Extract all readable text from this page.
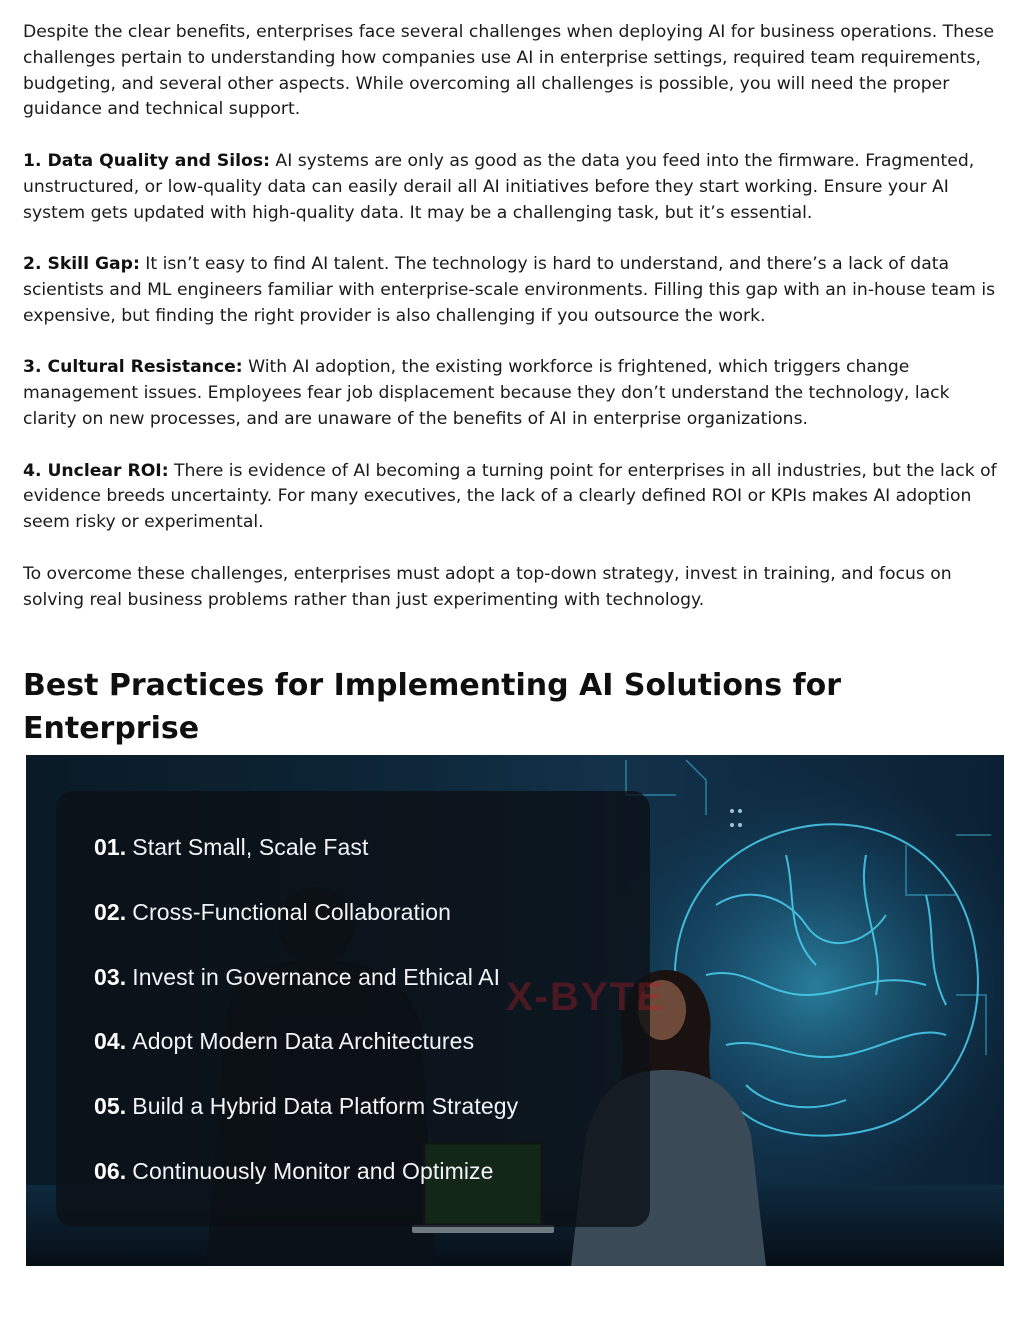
Despite the clear benefits, enterprises face several challenges when deploying AI for business operations. These challenges pertain to understanding how companies use AI in enterprise settings, required team requirements, budgeting, and several other aspects. While overcoming all challenges is possible, you will need the proper guidance and technical support.

1. Data Quality and Silos: AI systems are only as good as the data you feed into the firmware. Fragmented, unstructured, or low-quality data can easily derail all AI initiatives before they start working. Ensure your AI system gets updated with high-quality data. It may be a challenging task, but it’s essential.

2. Skill Gap: It isn’t easy to find AI talent. The technology is hard to understand, and there’s a lack of data scientists and ML engineers familiar with enterprise-scale environments. Filling this gap with an in-house team is expensive, but finding the right provider is also challenging if you outsource the work.

3. Cultural Resistance: With AI adoption, the existing workforce is frightened, which triggers change management issues. Employees fear job displacement because they don’t understand the technology, lack clarity on new processes, and are unaware of the benefits of AI in enterprise organizations.

4. Unclear ROI: There is evidence of AI becoming a turning point for enterprises in all industries, but the lack of evidence breeds uncertainty. For many executives, the lack of a clearly defined ROI or KPIs makes AI adoption seem risky or experimental.

To overcome these challenges, enterprises must adopt a top-down strategy, invest in training, and focus on solving real business problems rather than just experimenting with technology.

Best Practices for Implementing AI Solutions for Enterprise
X-BYTE
01. Start Small, Scale Fast
02. Cross-Functional Collaboration
03. Invest in Governance and Ethical AI
04. Adopt Modern Data Architectures
05. Build a Hybrid Data Platform Strategy
06. Continuously Monitor and Optimize
